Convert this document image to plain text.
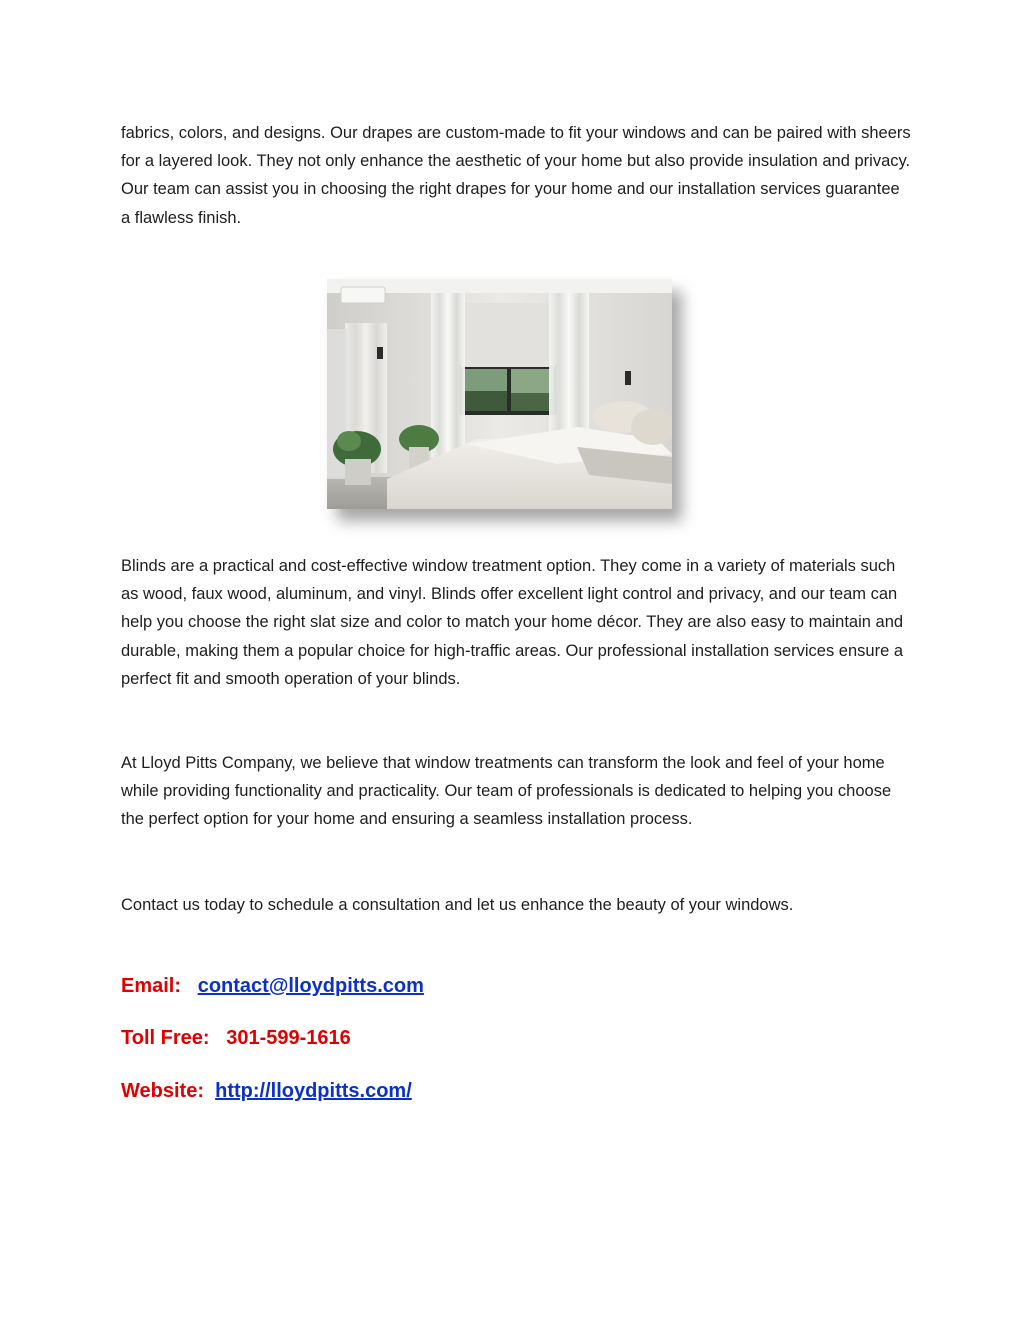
fabrics, colors, and designs. Our drapes are custom-made to fit your windows and can be paired with sheers for a layered look. They not only enhance the aesthetic of your home but also provide insulation and privacy. Our team can assist you in choosing the right drapes for your home and our installation services guarantee a flawless finish.

Blinds are a practical and cost-effective window treatment option. They come in a variety of materials such as wood, faux wood, aluminum, and vinyl. Blinds offer excellent light control and privacy, and our team can help you choose the right slat size and color to match your home décor. They are also easy to maintain and durable, making them a popular choice for high-traffic areas. Our professional installation services ensure a perfect fit and smooth operation of your blinds.

At Lloyd Pitts Company, we believe that window treatments can transform the look and feel of your home while providing functionality and practicality. Our team of professionals is dedicated to helping you choose the perfect option for your home and ensuring a seamless installation process.

Contact us today to schedule a consultation and let us enhance the beauty of your windows.

Email: contact@lloydpitts.com
Toll Free: 301-599-1616
Website: http://lloydpitts.com/
